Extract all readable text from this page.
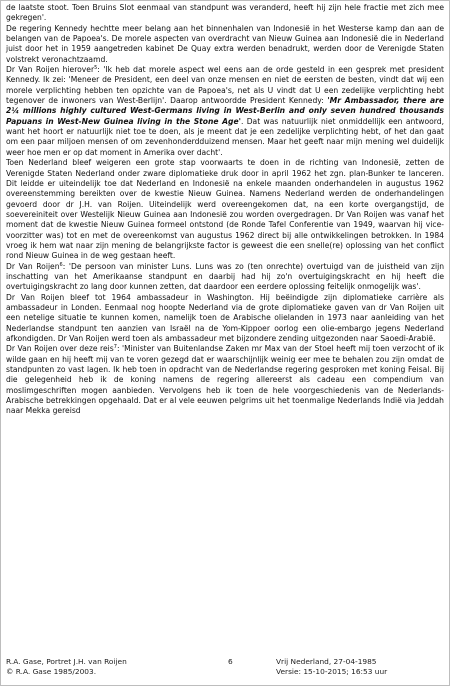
de laatste stoot. Toen Bruins Slot eenmaal van standpunt was veranderd, heeft hij zijn hele fractie met zich mee gekregen'.

De regering Kennedy hechtte meer belang aan het binnenhalen van Indonesië in het Westerse kamp dan aan de belangen van de Papoea's. De morele aspecten van overdracht van Nieuw Guinea aan Indonesië die in Nederland juist door het in 1959 aangetreden kabinet De Quay extra werden benadrukt, werden door de Verenigde Staten volstrekt veronachtzaamd.

Dr Van Roijen hierover$^5$: 'Ik heb dat morele aspect wel eens aan de orde gesteld in een gesprek met president Kennedy. Ik zei: 'Meneer de President, een deel van onze mensen en niet de eersten de besten, vindt dat wij een morele verplichting hebben ten opzichte van de Papoea's, net als U vindt dat U een zedelijke verplichting hebt tegenover de inwoners van West-Berlijn'. Daarop antwoordde President Kennedy: 'Mr Ambassador, there are 2¼ millions highly cultured West-Germans living in West-Berlin and only seven hundred thousands Papuans in West-New Guinea living in the Stone Age'. Dat was natuurlijk niet onmiddellijk een antwoord, want het hoort er natuurlijk niet toe te doen, als je meent dat je een zedelijke verplichting hebt, of het dan gaat om een paar miljoen mensen of om zevenhonderdduizend mensen. Maar het geeft naar mijn mening wel duidelijk weer hoe men er op dat moment in Amerika over dacht'.

Toen Nederland bleef weigeren een grote stap voorwaarts te doen in de richting van Indonesië, zetten de Verenigde Staten Nederland onder zware diplomatieke druk door in april 1962 het zgn. plan-Bunker te lanceren. Dit leidde er uiteindelijk toe dat Nederland en Indonesië na enkele maanden onderhandelen in augustus 1962 overeenstemming bereikten over de kwestie Nieuw Guinea. Namens Nederland werden de onderhandelingen gevoerd door dr J.H. van Roijen. Uiteindelijk werd overeengekomen dat, na een korte overgangstijd, de soevereiniteit over Westelijk Nieuw Guinea aan Indonesië zou worden overgedragen. Dr Van Roijen was vanaf het moment dat de kwestie Nieuw Guinea formeel ontstond (de Ronde Tafel Conferentie van 1949, waarvan hij vice-voorzitter was) tot en met de overeenkomst van augustus 1962 direct bij alle ontwikkelingen betrokken. In 1984 vroeg ik hem wat naar zijn mening de belangrijkste factor is geweest die een snelle(re) oplossing van het conflict rond Nieuw Guinea in de weg gestaan heeft.

Dr Van Roijen$^6$: 'De persoon van minister Luns. Luns was zo (ten onrechte) overtuigd van de juistheid van zijn inschatting van het Amerikaanse standpunt en daarbij had hij zo'n overtuigingskracht en hij heeft die overtuigingskracht zo lang door kunnen zetten, dat daardoor een eerdere oplossing feitelijk onmogelijk was'.

Dr Van Roijen bleef tot 1964 ambassadeur in Washington. Hij beëindigde zijn diplomatieke carrière als ambassadeur in Londen. Eenmaal nog hoopte Nederland via de grote diplomatieke gaven van dr Van Roijen uit een netelige situatie te kunnen komen, namelijk toen de Arabische olielanden in 1973 naar aanleiding van het Nederlandse standpunt ten aanzien van Israël na de Yom-Kippoer oorlog een olie-embargo jegens Nederland afkondigden. Dr Van Roijen werd toen als ambassadeur met bijzondere zending uitgezonden naar Saoedi-Arabië.

Dr Van Roijen over deze reis$^7$: 'Minister van Buitenlandse Zaken mr Max van der Stoel heeft mij toen verzocht of ik wilde gaan en hij heeft mij van te voren gezegd dat er waarschijnlijk weinig eer mee te behalen zou zijn omdat de standpunten zo vast lagen. Ik heb toen in opdracht van de Nederlandse regering gesproken met koning Feisal. Bij die gelegenheid heb ik de koning namens de regering allereerst als cadeau een compendium van moslimgeschriften mogen aanbieden. Vervolgens heb ik toen de hele voorgeschiedenis van de Nederlands-Arabische betrekkingen opgehaald. Dat er al vele eeuwen pelgrims uit het toenmalige Nederlands Indië via Jeddah naar Mekka gereisd

R.A. Gase, Portret J.H. van Roijen
© R.A. Gase 1985/2003.
6	Vrij Nederland, 27-04-1985
Versie: 15-10-2015; 16:53 uur
